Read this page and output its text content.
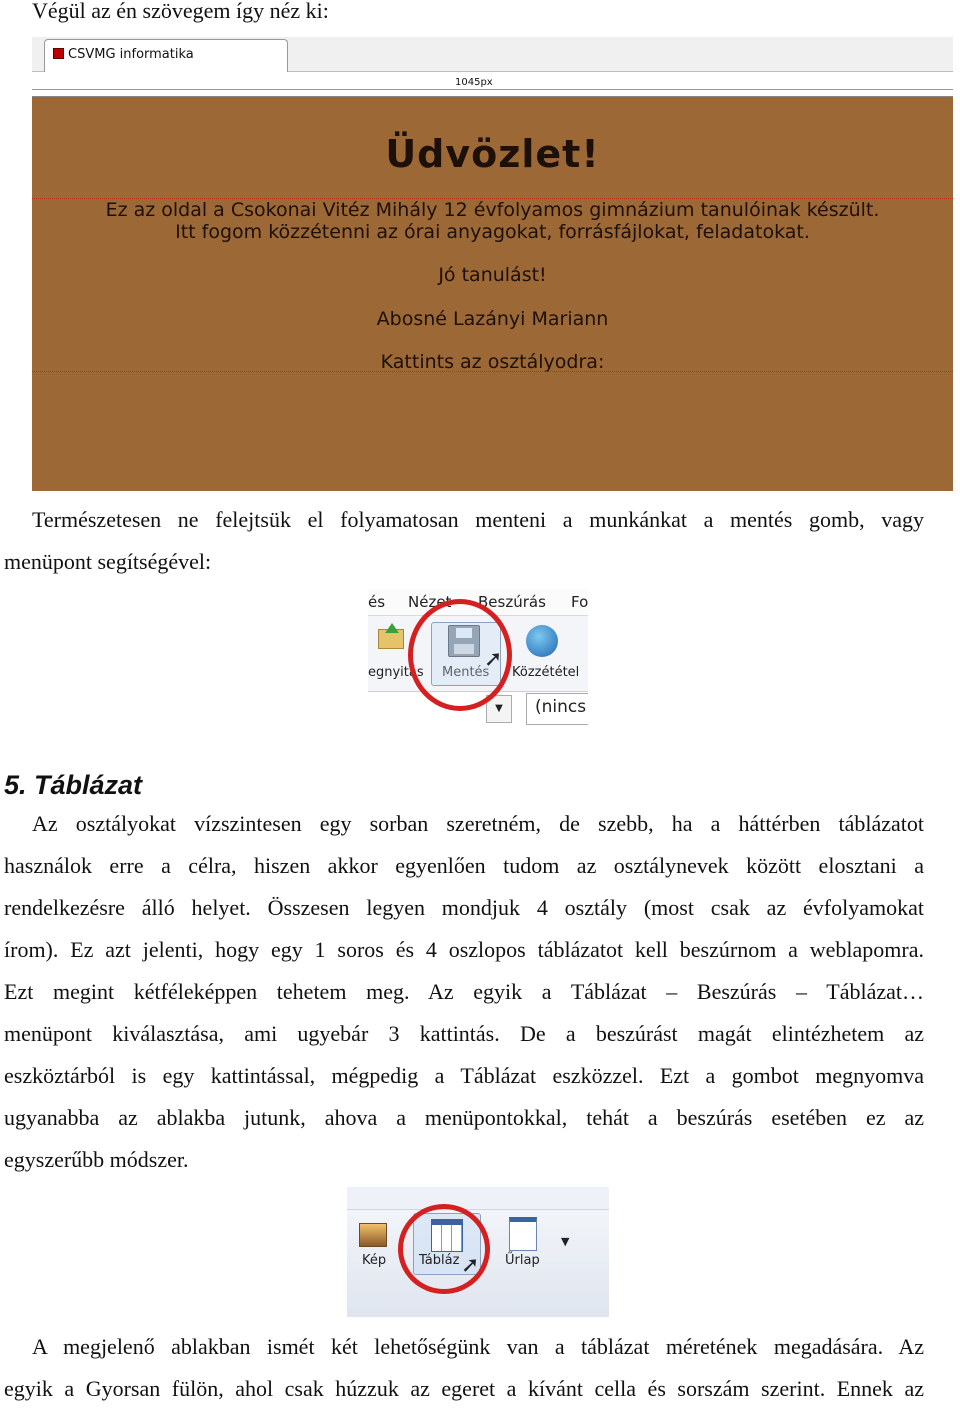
Végül az én szövegem így néz ki:
CSVMG informatika
1045px
Üdvözlet!
Ez az oldal a Csokonai Vitéz Mihály 12 évfolyamos gimnázium tanulóinak készült.
Itt fogom közzétenni az órai anyagokat, forrásfájlokat, feladatokat.
Jó tanulást!
Abosné Lazányi Mariann
Kattints az osztályodra:
Természetesen ne felejtsük el folyamatosan menteni a munkánkat a mentés gomb, vagy
menüpont segítségével:
és Nézet Beszúrás Fo
egnyitás Mentés Közzététel
▼	(nincs
➚
5. Táblázat
Az osztályokat vízszintesen egy sorban szeretném, de szebb, ha a háttérben táblázatot
használok erre a célra, hiszen akkor egyenlően tudom az osztálynevek között elosztani a
rendelkezésre álló helyet. Összesen legyen mondjuk 4 osztály (most csak az évfolyamokat
írom). Ez azt jelenti, hogy egy 1 soros és 4 oszlopos táblázatot kell beszúrnom a weblapomra.
Ezt megint kétféleképpen tehetem meg. Az egyik a Táblázat – Beszúrás – Táblázat…
menüpont kiválasztása, ami ugyebár 3 kattintás. De a beszúrást magát elintézhetem az
eszköztárból is egy kattintással, mégpedig a Táblázat eszközzel. Ezt a gombot megnyomva
ugyanabba az ablakba jutunk, ahova a menüpontokkal, tehát a beszúrás esetében ez az
egyszerűbb módszer.
Kép	Tábláz	Űrlap
▼
➚
A megjelenő ablakban ismét két lehetőségünk van a táblázat méretének megadására. Az
egyik a Gyorsan fülön, ahol csak húzzuk az egeret a kívánt cella és sorszám szerint. Ennek az
